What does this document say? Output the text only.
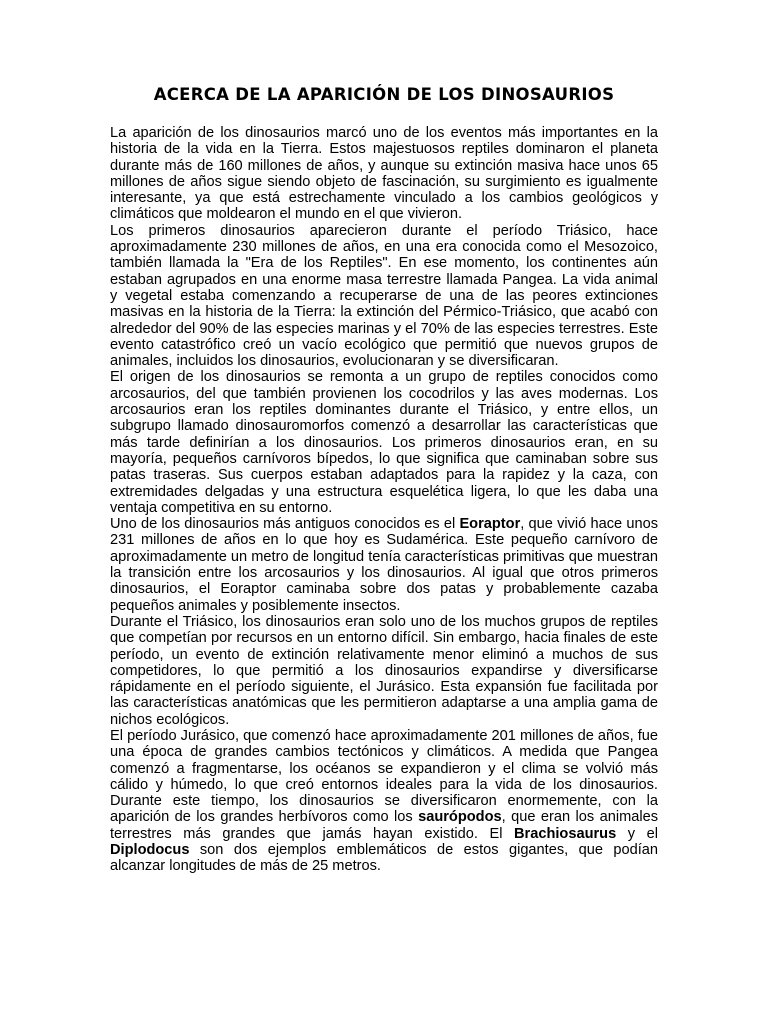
ACERCA DE LA APARICIÓN DE LOS DINOSAURIOS

La aparición de los dinosaurios marcó uno de los eventos más importantes en la historia de la vida en la Tierra. Estos majestuosos reptiles dominaron el planeta durante más de 160 millones de años, y aunque su extinción masiva hace unos 65 millones de años sigue siendo objeto de fascinación, su surgimiento es igualmente interesante, ya que está estrechamente vinculado a los cambios geológicos y climáticos que moldearon el mundo en el que vivieron.

Los primeros dinosaurios aparecieron durante el período Triásico, hace aproximadamente 230 millones de años, en una era conocida como el Mesozoico, también llamada la "Era de los Reptiles". En ese momento, los continentes aún estaban agrupados en una enorme masa terrestre llamada Pangea. La vida animal y vegetal estaba comenzando a recuperarse de una de las peores extinciones masivas en la historia de la Tierra: la extinción del Pérmico-Triásico, que acabó con alrededor del 90% de las especies marinas y el 70% de las especies terrestres. Este evento catastrófico creó un vacío ecológico que permitió que nuevos grupos de animales, incluidos los dinosaurios, evolucionaran y se diversificaran.

El origen de los dinosaurios se remonta a un grupo de reptiles conocidos como arcosaurios, del que también provienen los cocodrilos y las aves modernas. Los arcosaurios eran los reptiles dominantes durante el Triásico, y entre ellos, un subgrupo llamado dinosauromorfos comenzó a desarrollar las características que más tarde definirían a los dinosaurios. Los primeros dinosaurios eran, en su mayoría, pequeños carnívoros bípedos, lo que significa que caminaban sobre sus patas traseras. Sus cuerpos estaban adaptados para la rapidez y la caza, con extremidades delgadas y una estructura esquelética ligera, lo que les daba una ventaja competitiva en su entorno.

Uno de los dinosaurios más antiguos conocidos es el Eoraptor, que vivió hace unos 231 millones de años en lo que hoy es Sudamérica. Este pequeño carnívoro de aproximadamente un metro de longitud tenía características primitivas que muestran la transición entre los arcosaurios y los dinosaurios. Al igual que otros primeros dinosaurios, el Eoraptor caminaba sobre dos patas y probablemente cazaba pequeños animales y posiblemente insectos.

Durante el Triásico, los dinosaurios eran solo uno de los muchos grupos de reptiles que competían por recursos en un entorno difícil. Sin embargo, hacia finales de este período, un evento de extinción relativamente menor eliminó a muchos de sus competidores, lo que permitió a los dinosaurios expandirse y diversificarse rápidamente en el período siguiente, el Jurásico. Esta expansión fue facilitada por las características anatómicas que les permitieron adaptarse a una amplia gama de nichos ecológicos.

El período Jurásico, que comenzó hace aproximadamente 201 millones de años, fue una época de grandes cambios tectónicos y climáticos. A medida que Pangea comenzó a fragmentarse, los océanos se expandieron y el clima se volvió más cálido y húmedo, lo que creó entornos ideales para la vida de los dinosaurios. Durante este tiempo, los dinosaurios se diversificaron enormemente, con la aparición de los grandes herbívoros como los saurópodos, que eran los animales terrestres más grandes que jamás hayan existido. El Brachiosaurus y el Diplodocus son dos ejemplos emblemáticos de estos gigantes, que podían alcanzar longitudes de más de 25 metros.
